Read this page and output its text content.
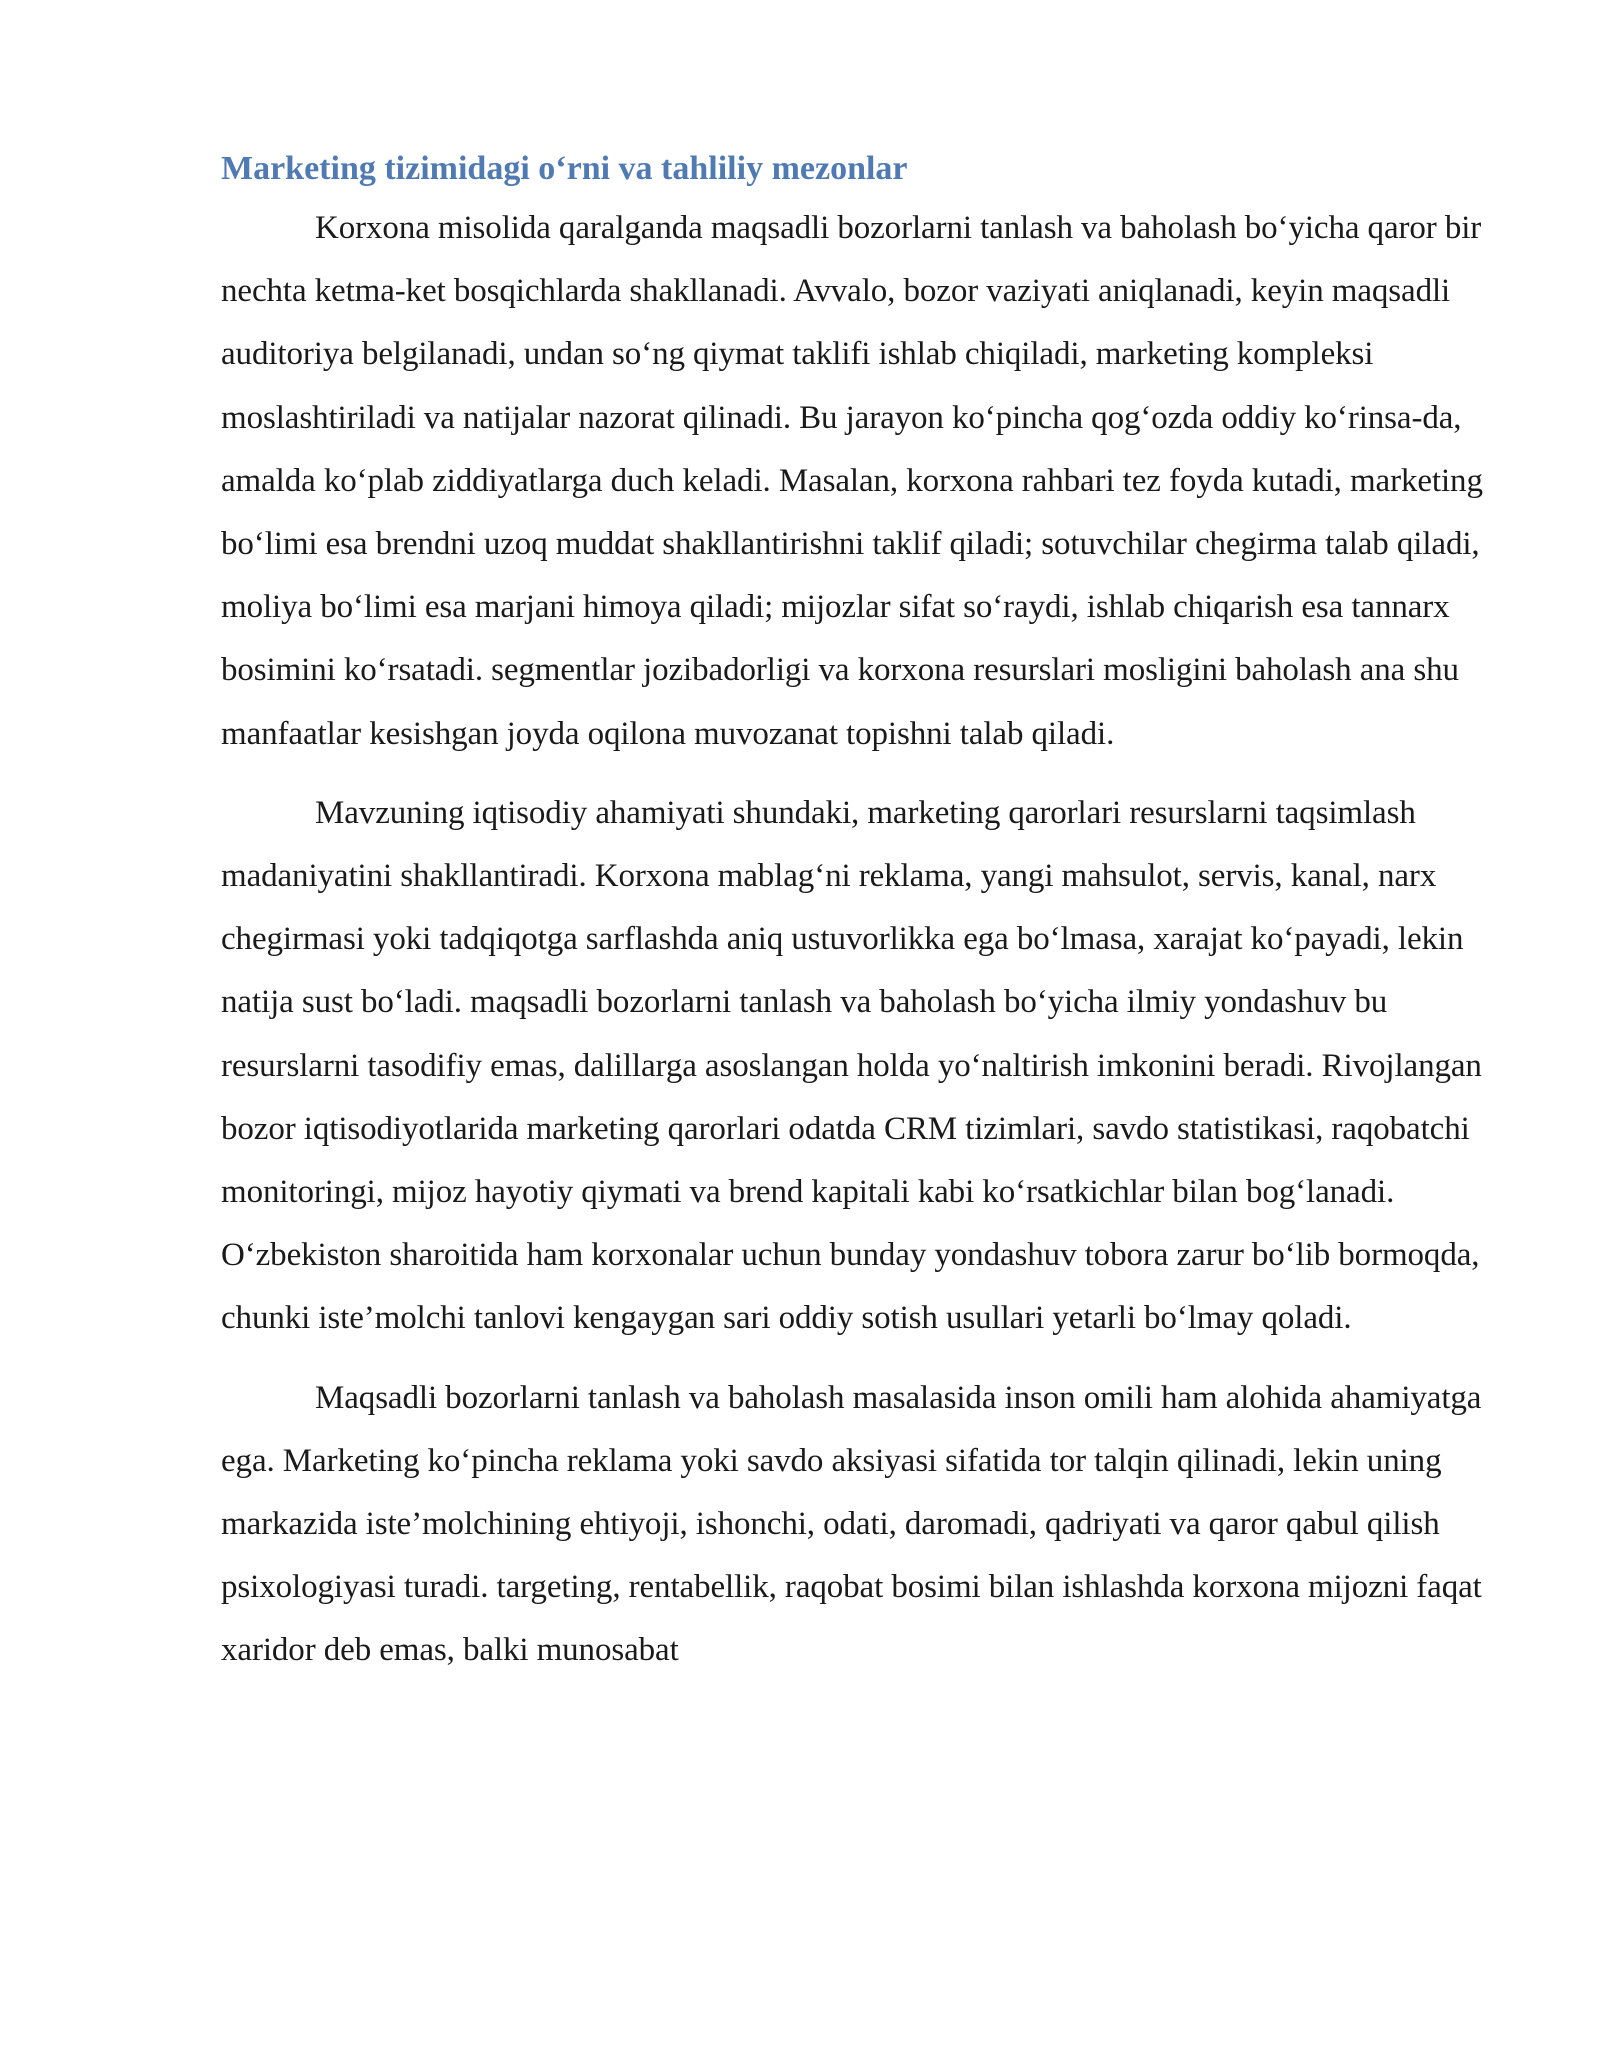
Marketing tizimidagi o‘rni va tahliliy mezonlar

Korxona misolida qaralganda maqsadli bozorlarni tanlash va baholash bo‘yicha qaror bir nechta ketma-ket bosqichlarda shakllanadi. Avvalo, bozor vaziyati aniqlanadi, keyin maqsadli auditoriya belgilanadi, undan so‘ng qiymat taklifi ishlab chiqiladi, marketing kompleksi moslashtiriladi va natijalar nazorat qilinadi. Bu jarayon ko‘pincha qog‘ozda oddiy ko‘rinsa-da, amalda ko‘plab ziddiyatlarga duch keladi. Masalan, korxona rahbari tez foyda kutadi, marketing bo‘limi esa brendni uzoq muddat shakllantirishni taklif qiladi; sotuvchilar chegirma talab qiladi, moliya bo‘limi esa marjani himoya qiladi; mijozlar sifat so‘raydi, ishlab chiqarish esa tannarx bosimini ko‘rsatadi. segmentlar jozibadorligi va korxona resurslari mosligini baholash ana shu manfaatlar kesishgan joyda oqilona muvozanat topishni talab qiladi.

Mavzuning iqtisodiy ahamiyati shundaki, marketing qarorlari resurslarni taqsimlash madaniyatini shakllantiradi. Korxona mablag‘ni reklama, yangi mahsulot, servis, kanal, narx chegirmasi yoki tadqiqotga sarflashda aniq ustuvorlikka ega bo‘lmasa, xarajat ko‘payadi, lekin natija sust bo‘ladi. maqsadli bozorlarni tanlash va baholash bo‘yicha ilmiy yondashuv bu resurslarni tasodifiy emas, dalillarga asoslangan holda yo‘naltirish imkonini beradi. Rivojlangan bozor iqtisodiyotlarida marketing qarorlari odatda CRM tizimlari, savdo statistikasi, raqobatchi monitoringi, mijoz hayotiy qiymati va brend kapitali kabi ko‘rsatkichlar bilan bog‘lanadi. O‘zbekiston sharoitida ham korxonalar uchun bunday yondashuv tobora zarur bo‘lib bormoqda, chunki iste’molchi tanlovi kengaygan sari oddiy sotish usullari yetarli bo‘lmay qoladi.

Maqsadli bozorlarni tanlash va baholash masalasida inson omili ham alohida ahamiyatga ega. Marketing ko‘pincha reklama yoki savdo aksiyasi sifatida tor talqin qilinadi, lekin uning markazida iste’molchining ehtiyoji, ishonchi, odati, daromadi, qadriyati va qaror qabul qilish psixologiyasi turadi. targeting, rentabellik, raqobat bosimi bilan ishlashda korxona mijozni faqat xaridor deb emas, balki munosabat
